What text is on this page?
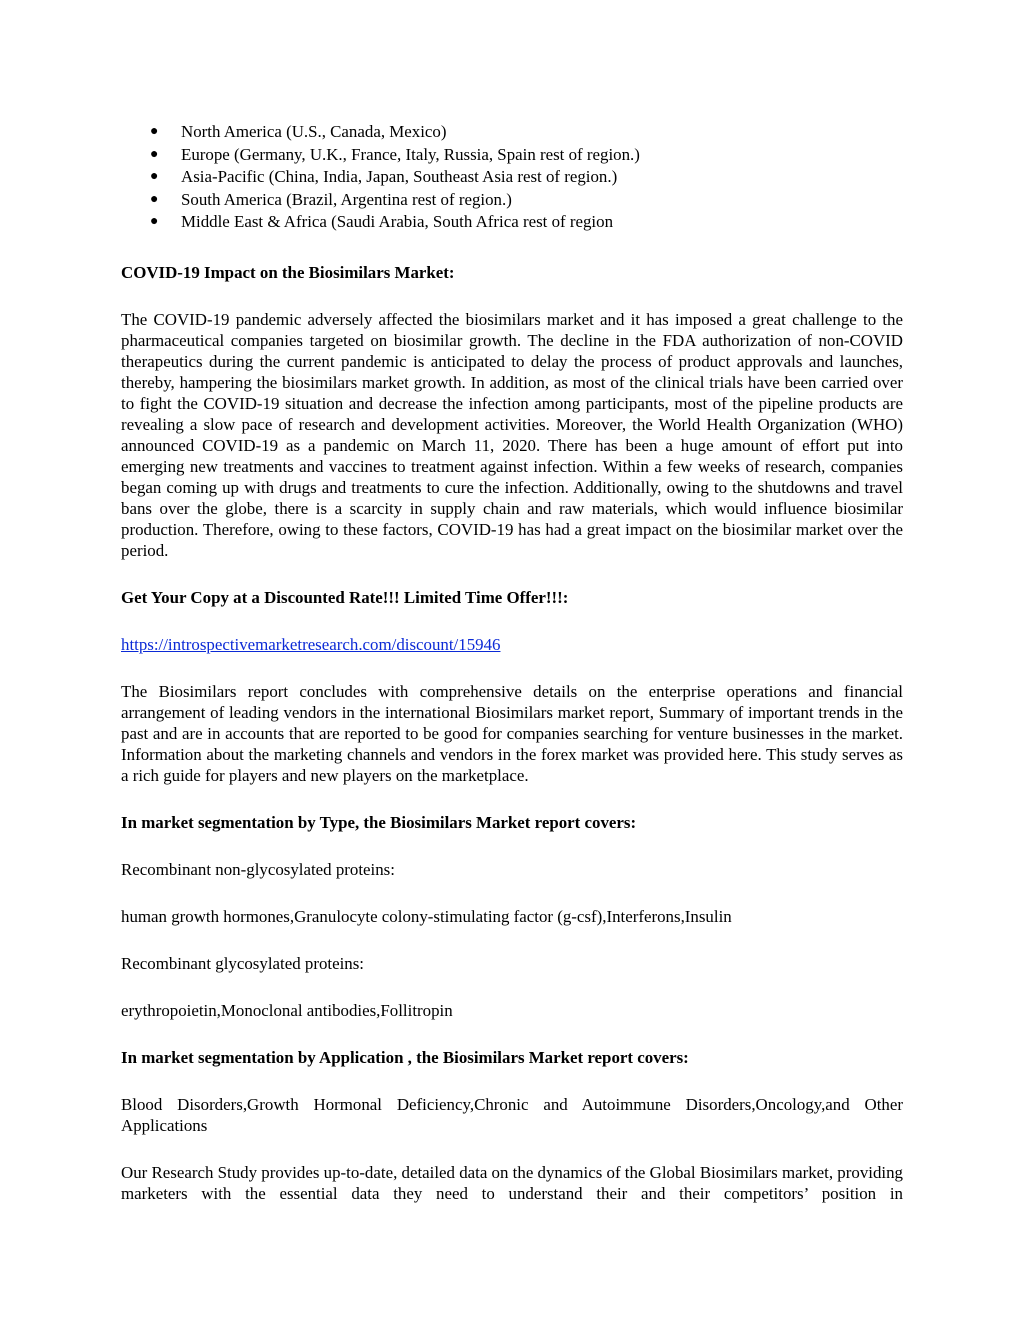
● North America (U.S., Canada, Mexico)
● Europe (Germany, U.K., France, Italy, Russia, Spain rest of region.)
● Asia-Pacific (China, India, Japan, Southeast Asia rest of region.)
● South America (Brazil, Argentina rest of region.)
● Middle East & Africa (Saudi Arabia, South Africa rest of region

COVID-19 Impact on the Biosimilars Market:

The COVID-19 pandemic adversely affected the biosimilars market and it has imposed a great challenge to the pharmaceutical companies targeted on biosimilar growth. The decline in the FDA authorization of non-COVID therapeutics during the current pandemic is anticipated to delay the process of product approvals and launches, thereby, hampering the biosimilars market growth. In addition, as most of the clinical trials have been carried over to fight the COVID-19 situation and decrease the infection among participants, most of the pipeline products are revealing a slow pace of research and development activities. Moreover, the World Health Organization (WHO) announced COVID-19 as a pandemic on March 11, 2020. There has been a huge amount of effort put into emerging new treatments and vaccines to treatment against infection. Within a few weeks of research, companies began coming up with drugs and treatments to cure the infection. Additionally, owing to the shutdowns and travel bans over the globe, there is a scarcity in supply chain and raw materials, which would influence biosimilar production. Therefore, owing to these factors, COVID-19 has had a great impact on the biosimilar market over the period.

Get Your Copy at a Discounted Rate!!! Limited Time Offer!!!:

https://introspectivemarketresearch.com/discount/15946

The Biosimilars report concludes with comprehensive details on the enterprise operations and financial arrangement of leading vendors in the international Biosimilars market report, Summary of important trends in the past and are in accounts that are reported to be good for companies searching for venture businesses in the market. Information about the marketing channels and vendors in the forex market was provided here. This study serves as a rich guide for players and new players on the marketplace.

In market segmentation by Type, the Biosimilars Market report covers:

Recombinant non-glycosylated proteins:

human growth hormones,Granulocyte colony-stimulating factor (g-csf),Interferons,Insulin

Recombinant glycosylated proteins:

erythropoietin,Monoclonal antibodies,Follitropin

In market segmentation by Application , the Biosimilars Market report covers:

Blood Disorders,Growth Hormonal Deficiency,Chronic and Autoimmune Disorders,Oncology,and Other Applications

Our Research Study provides up-to-date, detailed data on the dynamics of the Global Biosimilars market, providing marketers with the essential data they need to understand their and their competitors’ position in
